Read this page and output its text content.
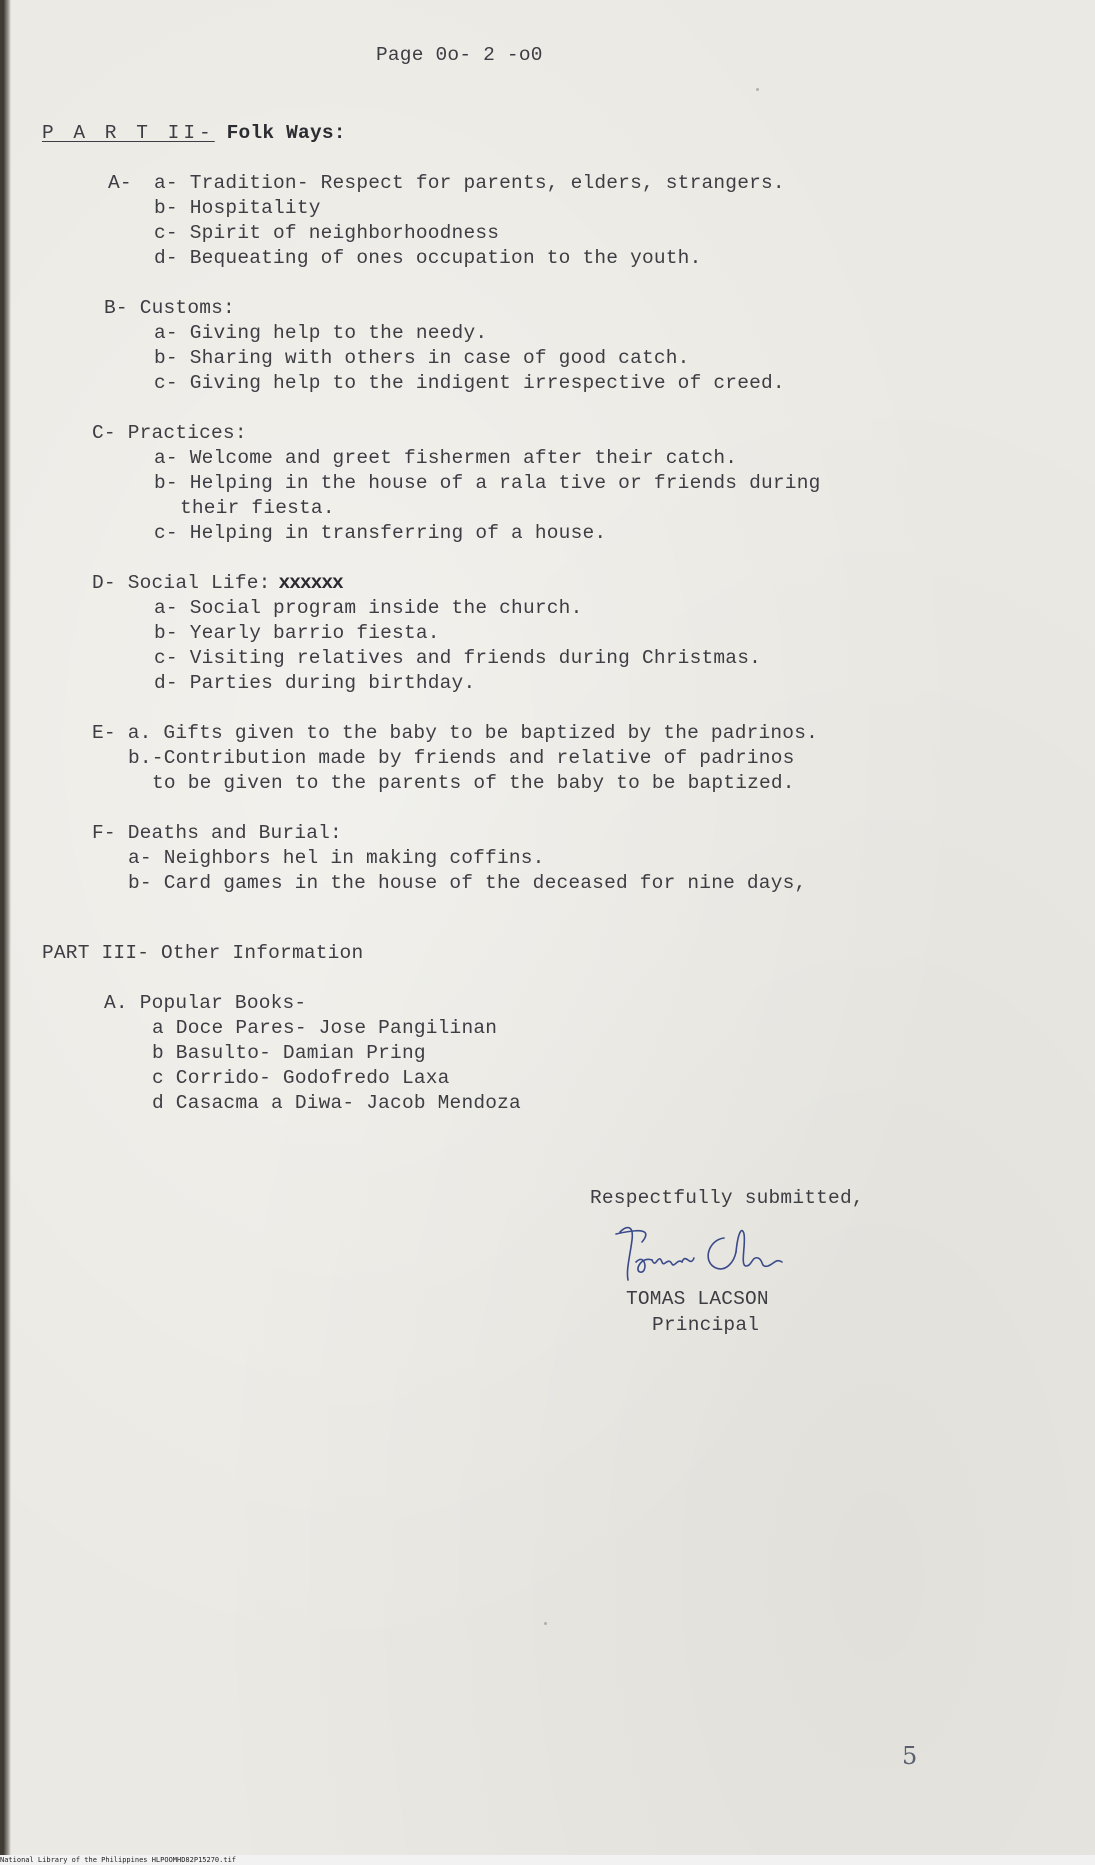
Page 0o- 2 -o0
P A R T II- Folk Ways:
A- a- Tradition- Respect for parents, elders, strangers.
b- Hospitality
c- Spirit of neighborhoodness
d- Bequeating of ones occupation to the youth.
B- Customs:
a- Giving help to the needy.
b- Sharing with others in case of good catch.
c- Giving help to the indigent irrespective of creed.
C- Practices:
a- Welcome and greet fishermen after their catch.
b- Helping in the house of a rala tive or friends during
their fiesta.
c- Helping in transferring of a house.
D- Social Life: xxxxxx
a- Social program inside the church.
b- Yearly barrio fiesta.
c- Visiting relatives and friends during Christmas.
d- Parties during birthday.
E- a. Gifts given to the baby to be baptized by the padrinos.
b.-Contribution made by friends and relative of padrinos
to be given to the parents of the baby to be baptized.
F- Deaths and Burial:
a- Neighbors hel in making coffins.
b- Card games in the house of the deceased for nine days,
PART III- Other Information
A. Popular Books-
a Doce Pares- Jose Pangilinan
b Basulto- Damian Pring
c Corrido- Godofredo Laxa
d Casacma a Diwa- Jacob Mendoza
Respectfully submitted,
Tomas Lacson
TOMAS LACSON
Principal
5
National Library of the Philippines HLPOOMHD82P15270.tif
